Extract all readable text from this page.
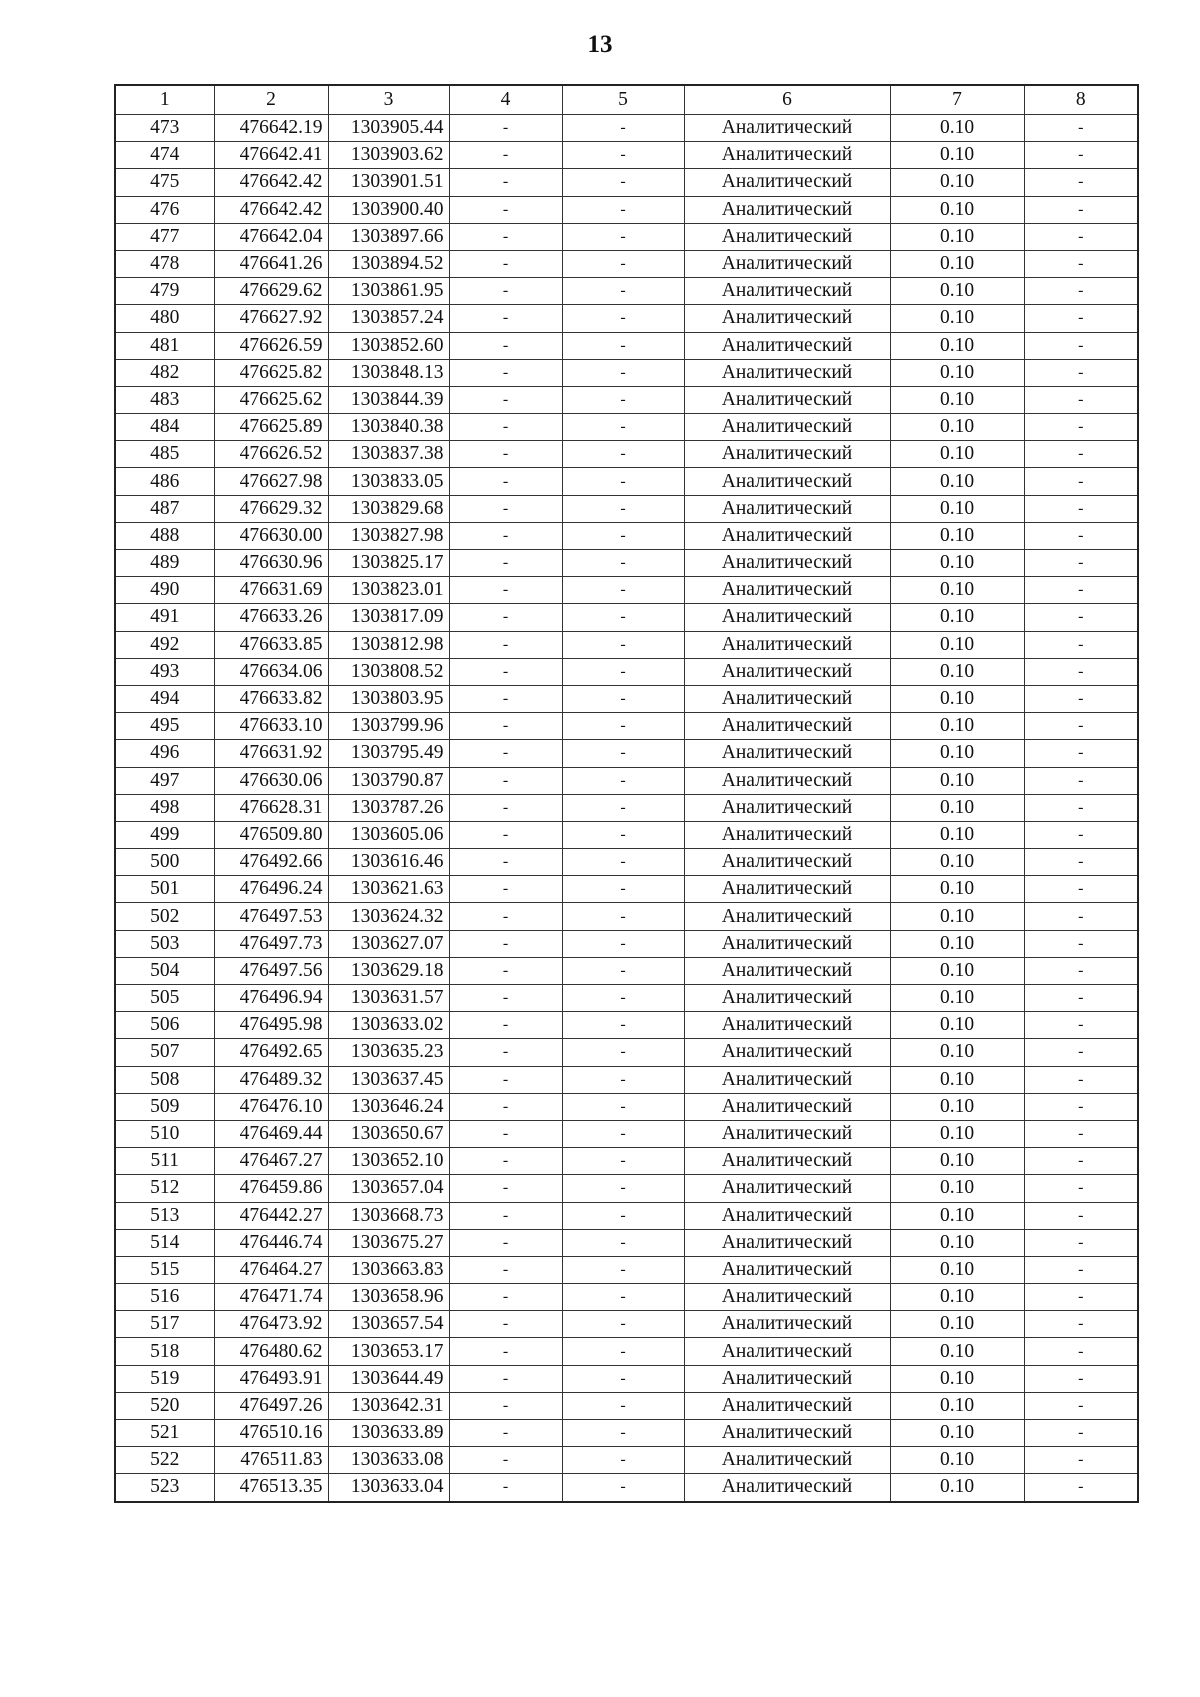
13
1	2	3	4	5	6	7	8
473	476642.19	1303905.44	-	-	Аналитический	0.10	-
474	476642.41	1303903.62	-	-	Аналитический	0.10	-
475	476642.42	1303901.51	-	-	Аналитический	0.10	-
476	476642.42	1303900.40	-	-	Аналитический	0.10	-
477	476642.04	1303897.66	-	-	Аналитический	0.10	-
478	476641.26	1303894.52	-	-	Аналитический	0.10	-
479	476629.62	1303861.95	-	-	Аналитический	0.10	-
480	476627.92	1303857.24	-	-	Аналитический	0.10	-
481	476626.59	1303852.60	-	-	Аналитический	0.10	-
482	476625.82	1303848.13	-	-	Аналитический	0.10	-
483	476625.62	1303844.39	-	-	Аналитический	0.10	-
484	476625.89	1303840.38	-	-	Аналитический	0.10	-
485	476626.52	1303837.38	-	-	Аналитический	0.10	-
486	476627.98	1303833.05	-	-	Аналитический	0.10	-
487	476629.32	1303829.68	-	-	Аналитический	0.10	-
488	476630.00	1303827.98	-	-	Аналитический	0.10	-
489	476630.96	1303825.17	-	-	Аналитический	0.10	-
490	476631.69	1303823.01	-	-	Аналитический	0.10	-
491	476633.26	1303817.09	-	-	Аналитический	0.10	-
492	476633.85	1303812.98	-	-	Аналитический	0.10	-
493	476634.06	1303808.52	-	-	Аналитический	0.10	-
494	476633.82	1303803.95	-	-	Аналитический	0.10	-
495	476633.10	1303799.96	-	-	Аналитический	0.10	-
496	476631.92	1303795.49	-	-	Аналитический	0.10	-
497	476630.06	1303790.87	-	-	Аналитический	0.10	-
498	476628.31	1303787.26	-	-	Аналитический	0.10	-
499	476509.80	1303605.06	-	-	Аналитический	0.10	-
500	476492.66	1303616.46	-	-	Аналитический	0.10	-
501	476496.24	1303621.63	-	-	Аналитический	0.10	-
502	476497.53	1303624.32	-	-	Аналитический	0.10	-
503	476497.73	1303627.07	-	-	Аналитический	0.10	-
504	476497.56	1303629.18	-	-	Аналитический	0.10	-
505	476496.94	1303631.57	-	-	Аналитический	0.10	-
506	476495.98	1303633.02	-	-	Аналитический	0.10	-
507	476492.65	1303635.23	-	-	Аналитический	0.10	-
508	476489.32	1303637.45	-	-	Аналитический	0.10	-
509	476476.10	1303646.24	-	-	Аналитический	0.10	-
510	476469.44	1303650.67	-	-	Аналитический	0.10	-
511	476467.27	1303652.10	-	-	Аналитический	0.10	-
512	476459.86	1303657.04	-	-	Аналитический	0.10	-
513	476442.27	1303668.73	-	-	Аналитический	0.10	-
514	476446.74	1303675.27	-	-	Аналитический	0.10	-
515	476464.27	1303663.83	-	-	Аналитический	0.10	-
516	476471.74	1303658.96	-	-	Аналитический	0.10	-
517	476473.92	1303657.54	-	-	Аналитический	0.10	-
518	476480.62	1303653.17	-	-	Аналитический	0.10	-
519	476493.91	1303644.49	-	-	Аналитический	0.10	-
520	476497.26	1303642.31	-	-	Аналитический	0.10	-
521	476510.16	1303633.89	-	-	Аналитический	0.10	-
522	476511.83	1303633.08	-	-	Аналитический	0.10	-
523	476513.35	1303633.04	-	-	Аналитический	0.10	-
